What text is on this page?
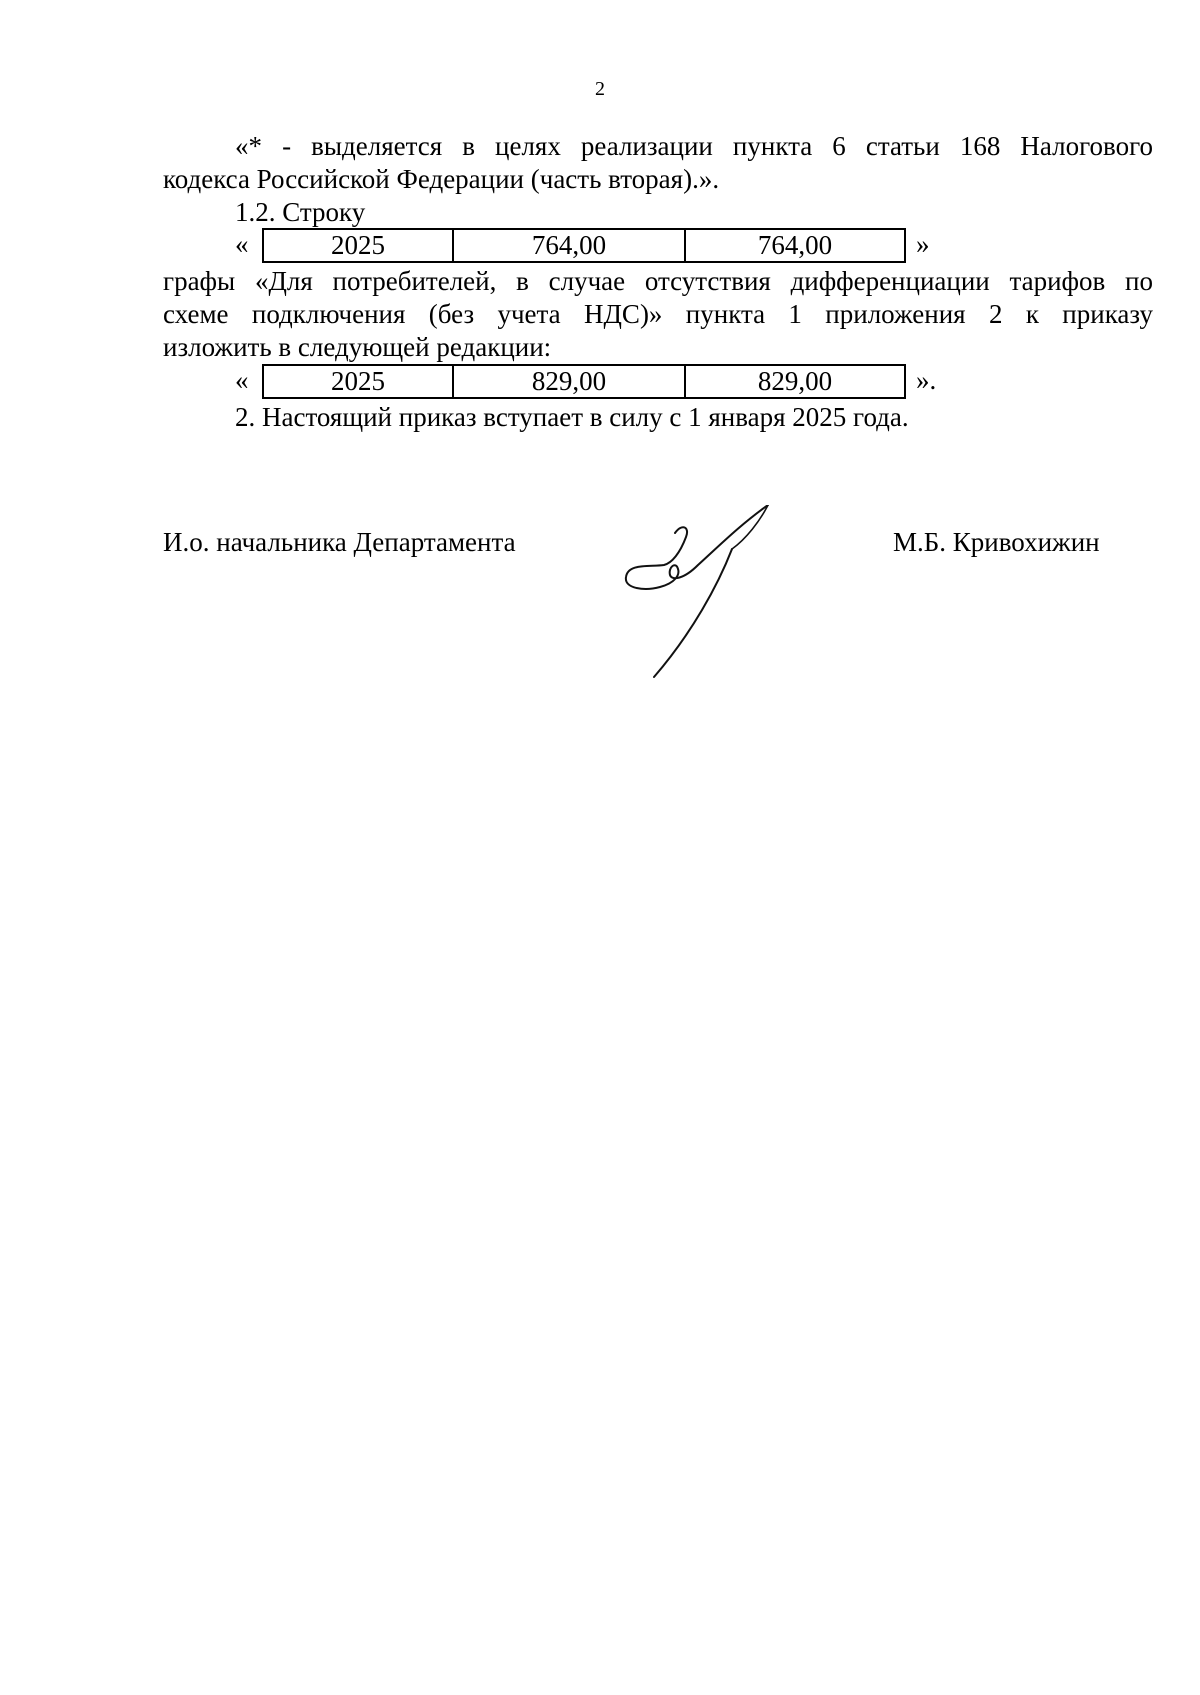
2
«* - выделяется в целях реализации пункта 6 статьи 168 Налогового
кодекса Российской Федерации (часть вторая).».
1.2. Строку
«	2025	764,00	764,00	»
графы «Для потребителей, в случае отсутствия дифференциации тарифов по
схеме подключения (без учета НДС)» пункта 1 приложения 2 к приказу
изложить в следующей редакции:
«	2025	829,00	829,00	».
2. Настоящий приказ вступает в силу с 1 января 2025 года.
И.о. начальника Департамента	М.Б. Кривохижин
